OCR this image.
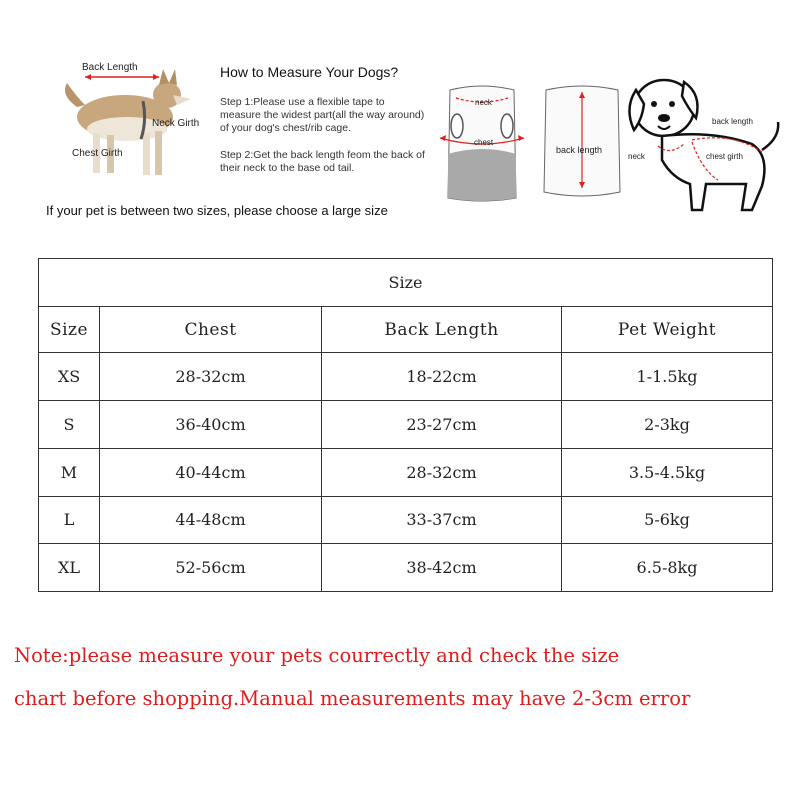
Back Length
Neck Girth
Chest Girth
How to Measure Your Dogs?
Step 1:Please use a flexible tape to measure the widest part(all the way around) of your dog's chest/rib cage.
Step 2:Get the back length feom the back of their neck to the base od tail.
If your pet is between two sizes, please choose a large size
neck
chest
back length
back length
neck	chest girth
Size			
Size	Chest	Back Length	Pet Weight
XS	28-32cm	18-22cm	1-1.5kg
S	36-40cm	23-27cm	2-3kg
M	40-44cm	28-32cm	3.5-4.5kg
L	44-48cm	33-37cm	5-6kg
XL	52-56cm	38-42cm	6.5-8kg
Note:please measure your pets courrectly and check the size
chart before shopping.Manual measurements may have 2-3cm error
